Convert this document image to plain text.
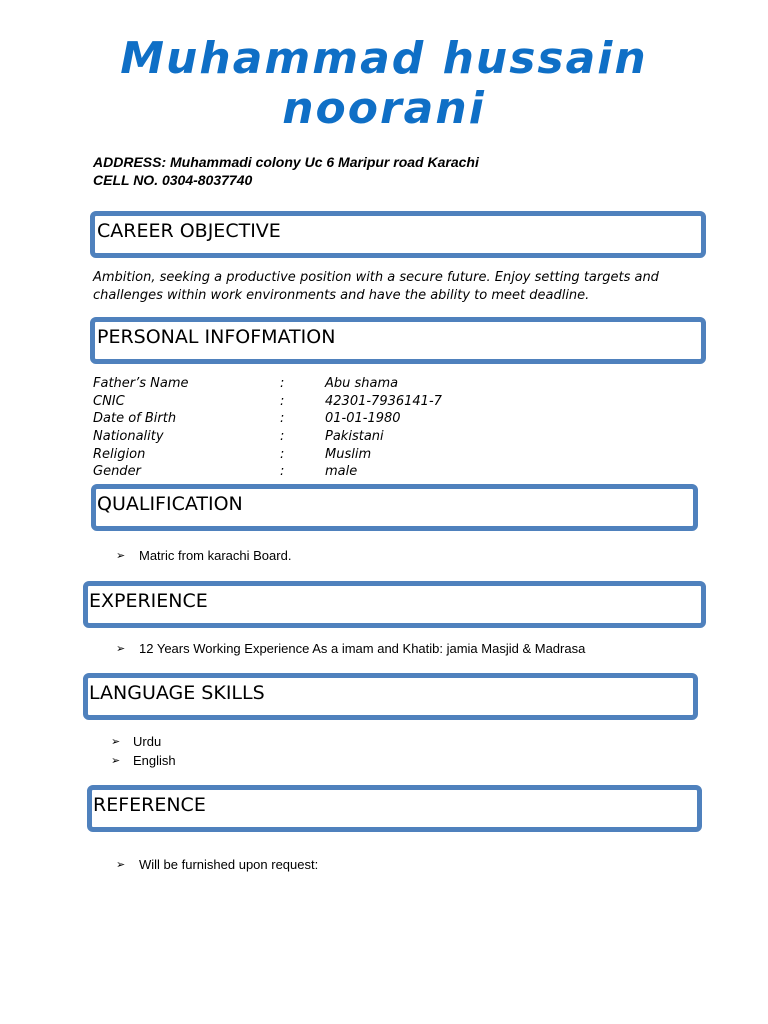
Muhammad hussain
noorani
ADDRESS: Muhammadi colony Uc 6 Maripur road Karachi
CELL NO. 0304-8037740
CAREER OBJECTIVE
Ambition, seeking a productive position with a secure future. Enjoy setting targets and
challenges within work environments and have the ability to meet deadline.
PERSONAL INFOFMATION
Father’s Name	:	Abu shama
CNIC	:	42301-7936141-7
Date of Birth	:	01-01-1980
Nationality	:	Pakistani
Religion	:	Muslim
Gender	:	male
QUALIFICATION
➢ Matric from karachi Board.
EXPERIENCE
➢ 12 Years Working Experience As a imam and Khatib: jamia Masjid & Madrasa
LANGUAGE SKILLS
➢ Urdu
➢ English
REFERENCE
➢ Will be furnished upon request:
